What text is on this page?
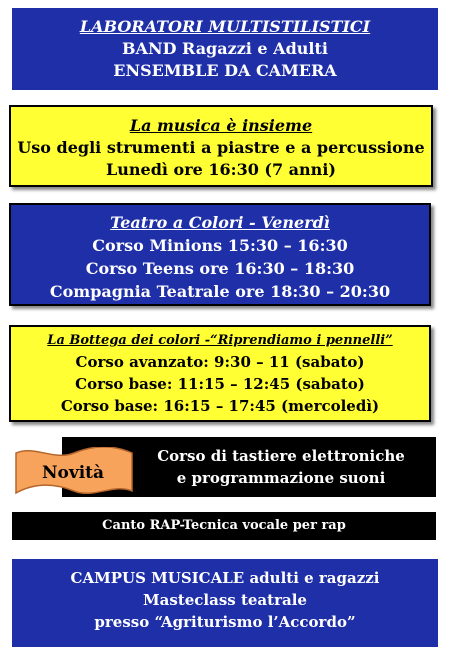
LABORATORI MULTISTILISTICI
BAND Ragazzi e Adulti
ENSEMBLE DA CAMERA
La musica è insieme
Uso degli strumenti a piastre e a percussione
Lunedì ore 16:30 (7 anni)
Teatro a Colori - Venerdì
Corso Minions 15:30 – 16:30
Corso Teens ore 16:30 – 18:30
Compagnia Teatrale ore 18:30 – 20:30
La Bottega dei colori -“Riprendiamo i pennelli”
Corso avanzato: 9:30 – 11 (sabato)
Corso base: 11:15 – 12:45 (sabato)
Corso base: 16:15 – 17:45 (mercoledì)
Corso di tastiere elettroniche
e programmazione suoni
Novità
Canto RAP-Tecnica vocale per rap
CAMPUS MUSICALE adulti e ragazzi
Masteclass teatrale
presso “Agriturismo l’Accordo”
